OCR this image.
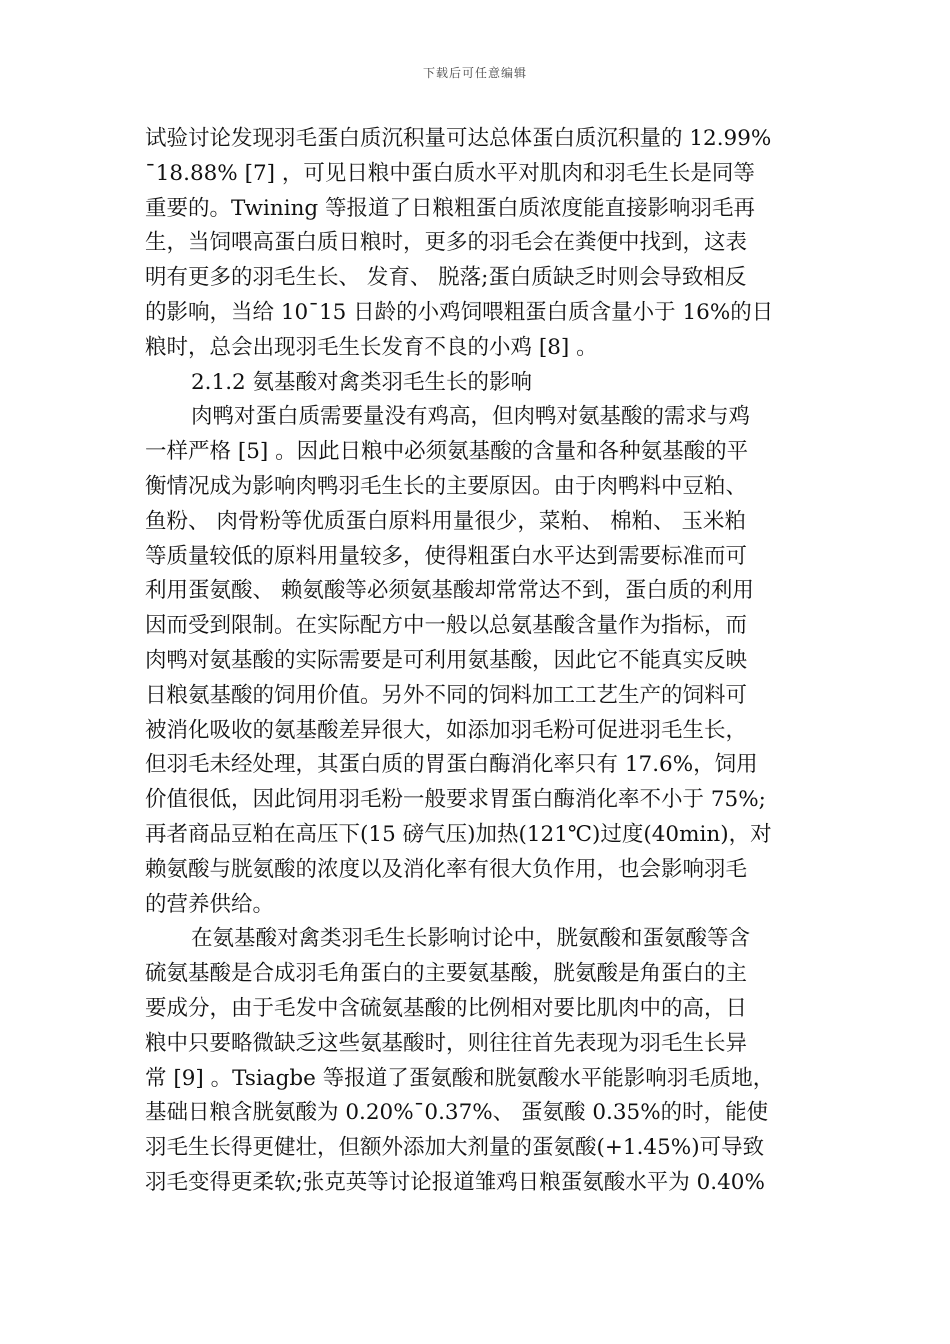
下载后可任意编辑
试验讨论发现羽毛蛋白质沉积量可达总体蛋白质沉积量的 12.99%
¯18.88% [7] ，可见日粮中蛋白质水平对肌肉和羽毛生长是同等
重要的。Twining 等报道了日粮粗蛋白质浓度能直接影响羽毛再
生，当饲喂高蛋白质日粮时，更多的羽毛会在粪便中找到，这表
明有更多的羽毛生长、 发育、 脱落;蛋白质缺乏时则会导致相反
的影响，当给 10¯15 日龄的小鸡饲喂粗蛋白质含量小于 16%的日
粮时，总会出现羽毛生长发育不良的小鸡 [8] 。
2.1.2 氨基酸对禽类羽毛生长的影响
肉鸭对蛋白质需要量没有鸡高，但肉鸭对氨基酸的需求与鸡
一样严格 [5] 。因此日粮中必须氨基酸的含量和各种氨基酸的平
衡情况成为影响肉鸭羽毛生长的主要原因。由于肉鸭料中豆粕、
鱼粉、 肉骨粉等优质蛋白原料用量很少，菜粕、 棉粕、 玉米粕
等质量较低的原料用量较多，使得粗蛋白水平达到需要标准而可
利用蛋氨酸、 赖氨酸等必须氨基酸却常常达不到，蛋白质的利用
因而受到限制。在实际配方中一般以总氨基酸含量作为指标，而
肉鸭对氨基酸的实际需要是可利用氨基酸，因此它不能真实反映
日粮氨基酸的饲用价值。另外不同的饲料加工工艺生产的饲料可
被消化吸收的氨基酸差异很大，如添加羽毛粉可促进羽毛生长，
但羽毛未经处理，其蛋白质的胃蛋白酶消化率只有 17.6%，饲用
价值很低，因此饲用羽毛粉一般要求胃蛋白酶消化率不小于 75%;
再者商品豆粕在高压下(15 磅气压)加热(121℃)过度(40min)，对
赖氨酸与胱氨酸的浓度以及消化率有很大负作用，也会影响羽毛
的营养供给。
在氨基酸对禽类羽毛生长影响讨论中，胱氨酸和蛋氨酸等含
硫氨基酸是合成羽毛角蛋白的主要氨基酸，胱氨酸是角蛋白的主
要成分，由于毛发中含硫氨基酸的比例相对要比肌肉中的高，日
粮中只要略微缺乏这些氨基酸时，则往往首先表现为羽毛生长异
常 [9] 。Tsiagbe 等报道了蛋氨酸和胱氨酸水平能影响羽毛质地，
基础日粮含胱氨酸为 0.20%¯0.37%、 蛋氨酸 0.35%的时，能使
羽毛生长得更健壮，但额外添加大剂量的蛋氨酸(+1.45%)可导致
羽毛变得更柔软;张克英等讨论报道雏鸡日粮蛋氨酸水平为 0.40%
